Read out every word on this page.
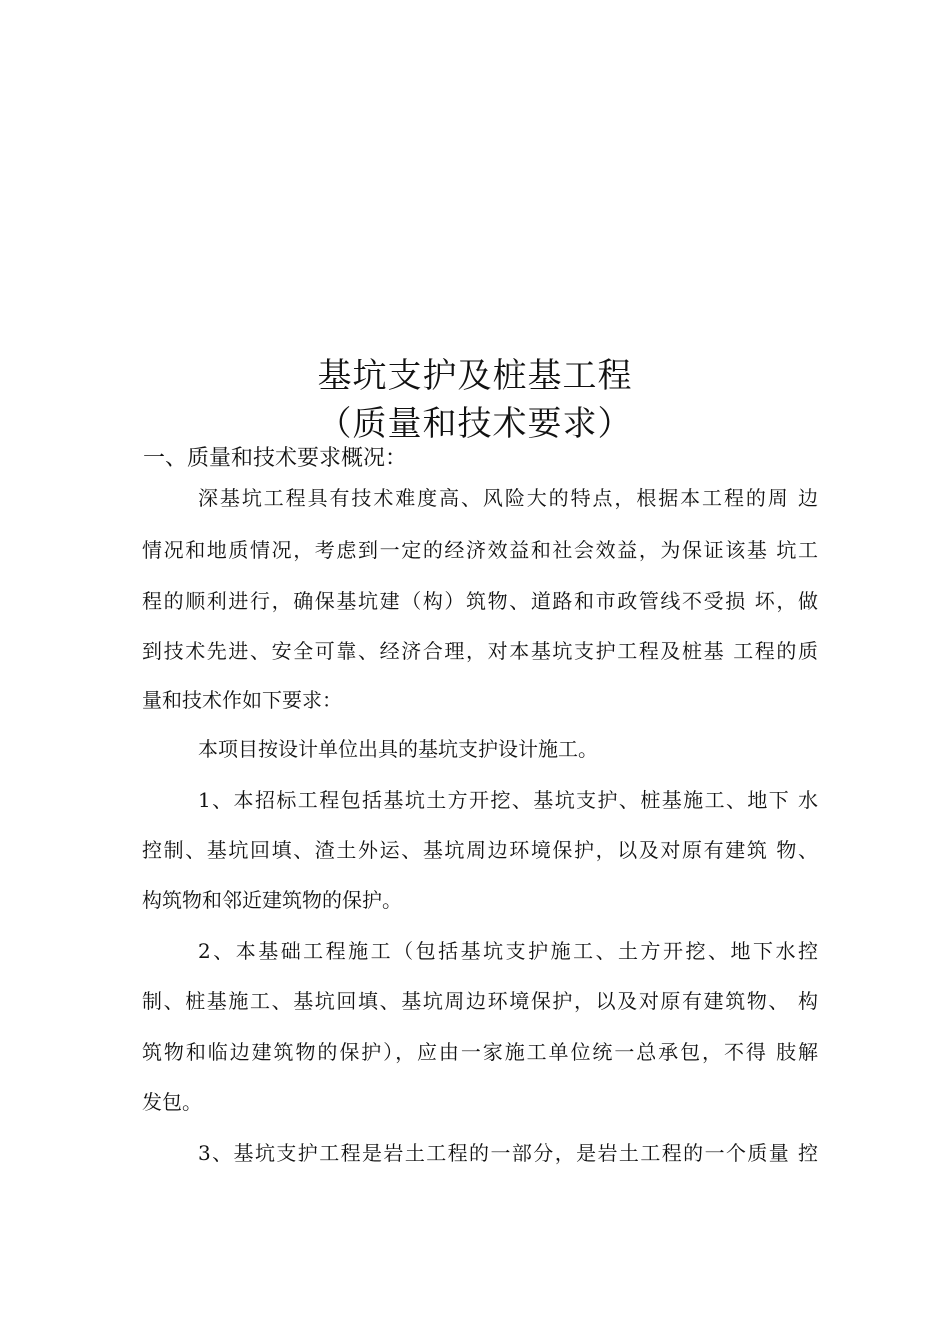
基坑支护及桩基工程
（质量和技术要求）
一、质量和技术要求概况：
深基坑工程具有技术难度高、风险大的特点，根据本工程的周 边
情况和地质情况，考虑到一定的经济效益和社会效益，为保证该基 坑工
程的顺利进行，确保基坑建（构）筑物、道路和市政管线不受损 坏，做
到技术先进、安全可靠、经济合理，对本基坑支护工程及桩基 工程的质
量和技术作如下要求：
本项目按设计单位出具的基坑支护设计施工。
1、本招标工程包括基坑土方开挖、基坑支护、桩基施工、地下 水
控制、基坑回填、渣土外运、基坑周边环境保护，以及对原有建筑 物、
构筑物和邻近建筑物的保护。
2、本基础工程施工（包括基坑支护施工、土方开挖、地下水控
制、桩基施工、基坑回填、基坑周边环境保护，以及对原有建筑物、 构
筑物和临边建筑物的保护），应由一家施工单位统一总承包，不得 肢解
发包。
3、基坑支护工程是岩土工程的一部分，是岩土工程的一个质量 控
